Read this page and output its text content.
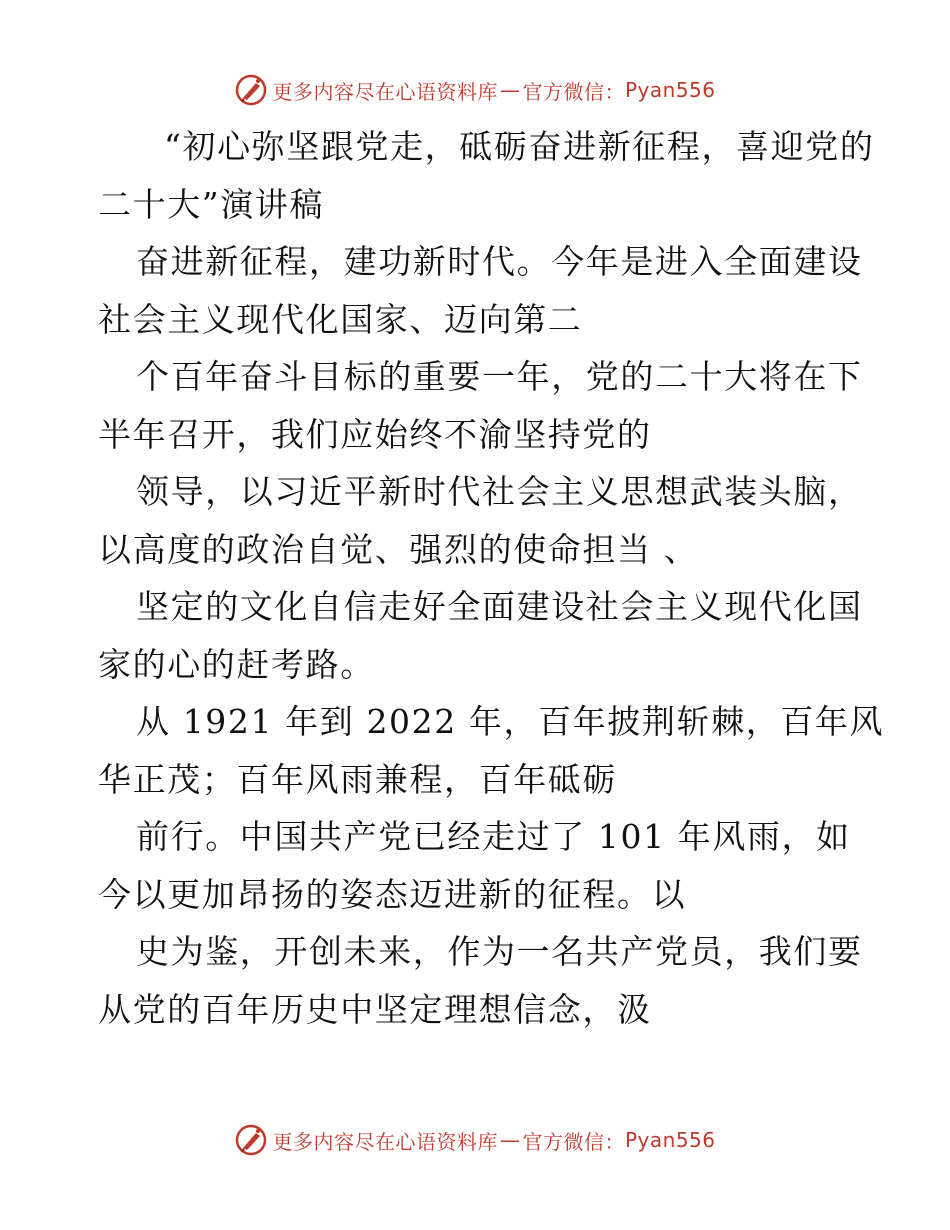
更多内容尽在心语资料库 — 官方微信： Pyan556
“初心弥坚跟党走，砥砺奋进新征程，喜迎党的
二十大”演讲稿
奋进新征程，建功新时代。今年是进入全面建设
社会主义现代化国家、迈向第二
个百年奋斗目标的重要一年，党的二十大将在下
半年召开，我们应始终不渝坚持党的
领导，以习近平新时代社会主义思想武装头脑，
以高度的政治自觉、强烈的使命担当 、
坚定的文化自信走好全面建设社会主义现代化国
家的心的赶考路。
从 1921 年到 2022 年，百年披荆斩棘，百年风
华正茂；百年风雨兼程，百年砥砺
前行。中国共产党已经走过了 101 年风雨，如
今以更加昂扬的姿态迈进新的征程。以
史为鉴，开创未来，作为一名共产党员，我们要
从党的百年历史中坚定理想信念，汲
更多内容尽在心语资料库 — 官方微信： Pyan556
